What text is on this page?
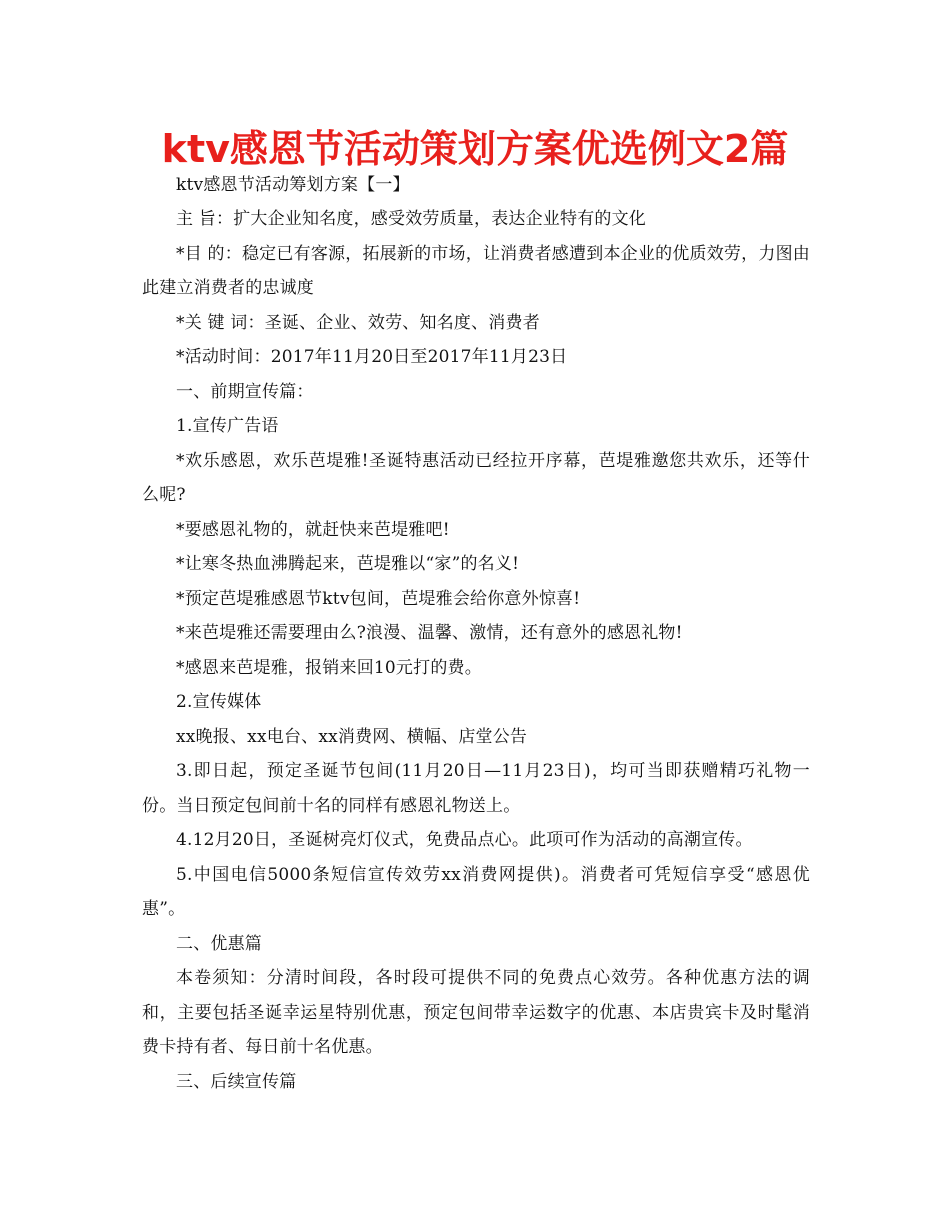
ktv感恩节活动策划方案优选例文2篇

ktv感恩节活动筹划方案【一】

主 旨：扩大企业知名度，感受效劳质量，表达企业特有的文化

*目 的：稳定已有客源，拓展新的市场，让消费者感遭到本企业的优质效劳，力图由此建立消费者的忠诚度

*关 键 词：圣诞、企业、效劳、知名度、消费者

*活动时间：2017年11月20日至2017年11月23日

一、前期宣传篇：

1.宣传广告语

*欢乐感恩，欢乐芭堤雅!圣诞特惠活动已经拉开序幕，芭堤雅邀您共欢乐，还等什么呢?

*要感恩礼物的，就赶快来芭堤雅吧!

*让寒冬热血沸腾起来，芭堤雅以“家”的名义!

*预定芭堤雅感恩节ktv包间，芭堤雅会给你意外惊喜!

*来芭堤雅还需要理由么?浪漫、温馨、激情，还有意外的感恩礼物!

*感恩来芭堤雅，报销来回10元打的费。

2.宣传媒体

xx晚报、xx电台、xx消费网、横幅、店堂公告

3.即日起，预定圣诞节包间(11月20日—11月23日)，均可当即获赠精巧礼物一份。当日预定包间前十名的同样有感恩礼物送上。

4.12月20日，圣诞树亮灯仪式，免费品点心。此项可作为活动的高潮宣传。

5.中国电信5000条短信宣传效劳xx消费网提供)。消费者可凭短信享受“感恩优惠”。

二、优惠篇

本卷须知：分清时间段，各时段可提供不同的免费点心效劳。各种优惠方法的调和，主要包括圣诞幸运星特别优惠，预定包间带幸运数字的优惠、本店贵宾卡及时髦消费卡持有者、每日前十名优惠。

三、后续宣传篇
